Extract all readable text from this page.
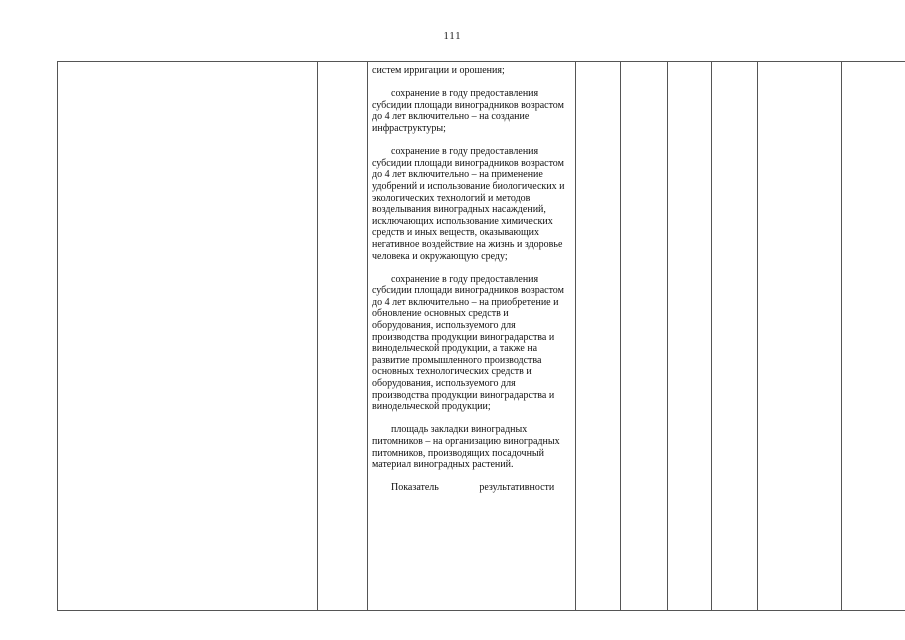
111

систем ирригации и орошения;

сохранение в году предоставления субсидии площади виноградников возрастом до 4 лет включительно – на создание инфраструктуры;

сохранение в году предоставления субсидии площади виноградников возрастом до 4 лет включительно – на применение удобрений и использование биологических и экологических технологий и методов возделывания виноградных насаждений, исключающих использование химических средств и иных веществ, оказывающих негативное воздействие на жизнь и здоровье человека и окружающую среду;

сохранение в году предоставления субсидии площади виноградников возрастом до 4 лет включительно – на приобретение и обновление основных средств и оборудования, используемого для производства продукции виноградарства и винодельческой продукции, а также на развитие промышленного производства основных технологических средств и оборудования, используемого для производства продукции виноградарства и винодельческой продукции;

площадь закладки виноградных питомников – на организацию виноградных питомников, производящих посадочный материал виноградных растений.

Показатель результативности
